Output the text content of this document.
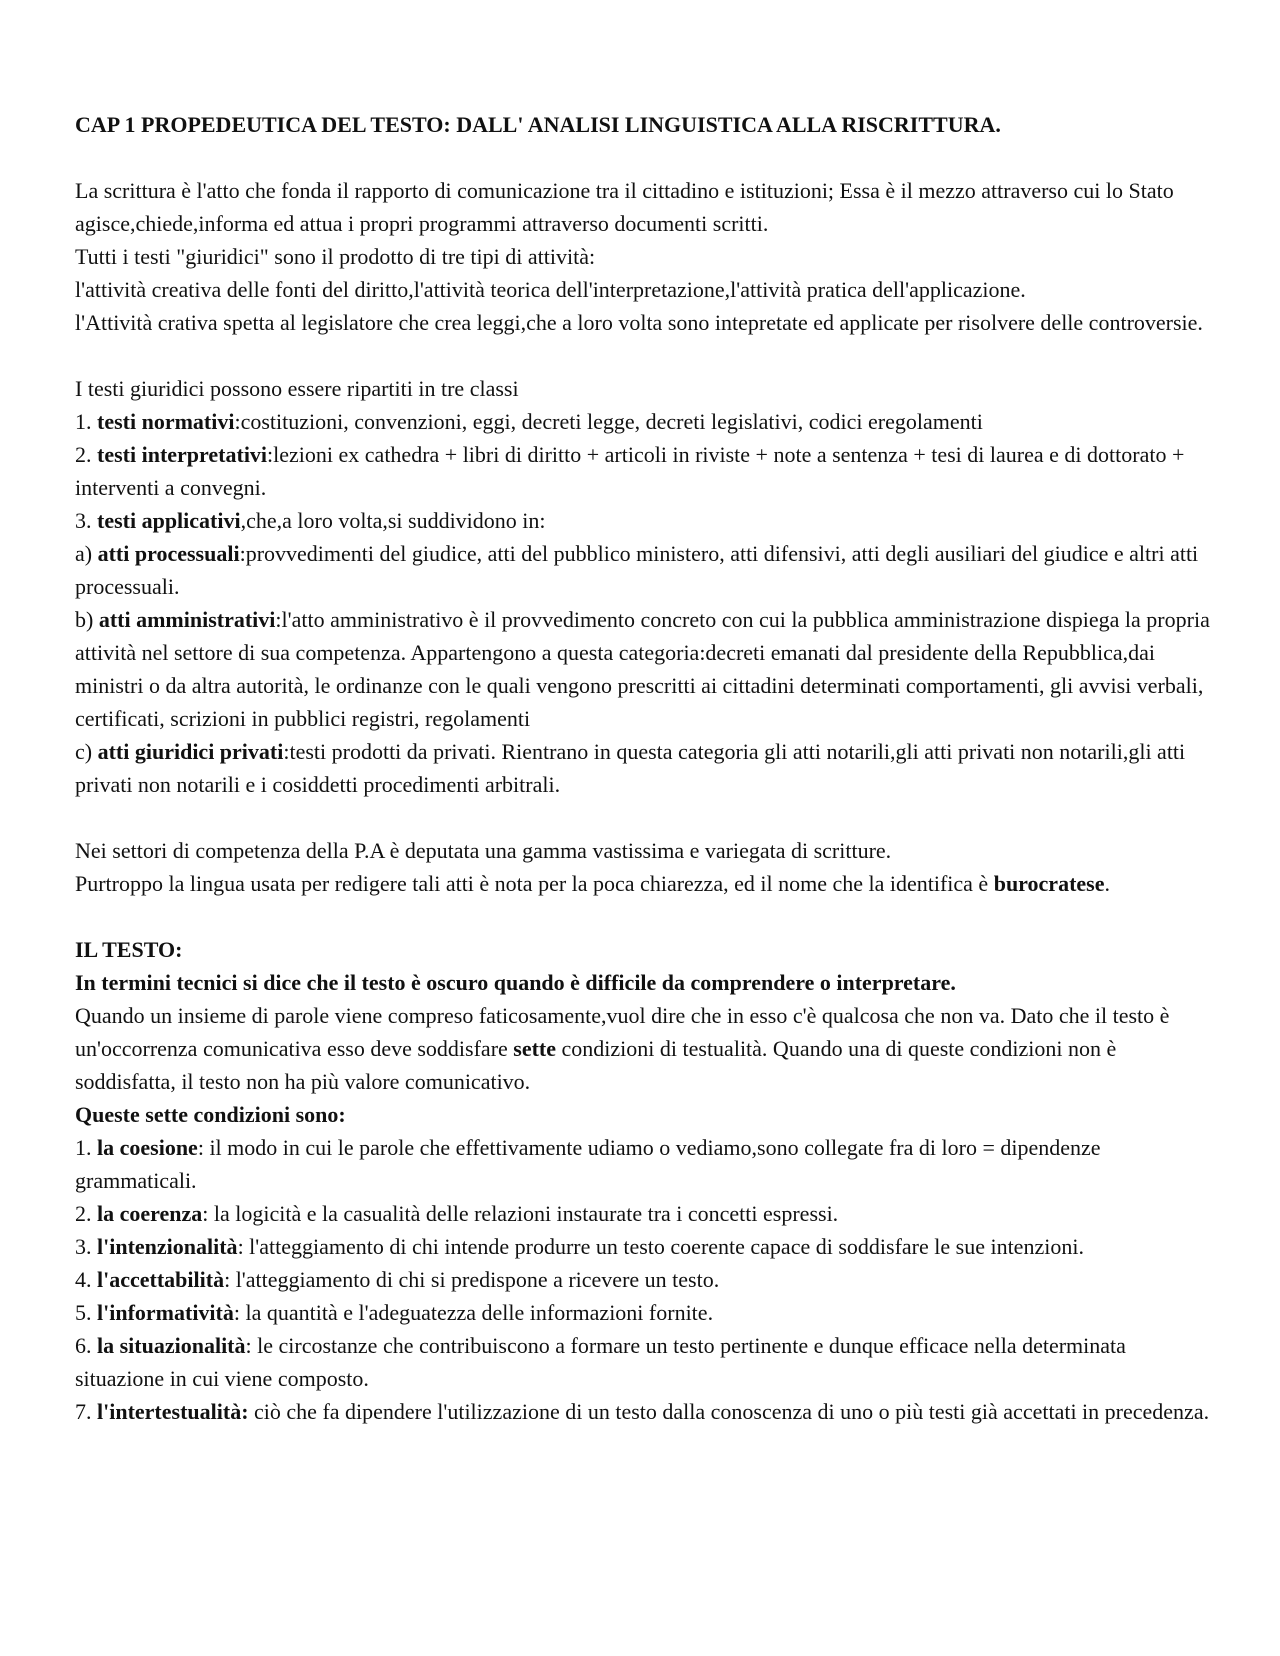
CAP 1 PROPEDEUTICA DEL TESTO: DALL' ANALISI LINGUISTICA ALLA RISCRITTURA.

La scrittura è l'atto che fonda il rapporto di comunicazione tra il cittadino e istituzioni; Essa è il mezzo attraverso cui lo Stato agisce,chiede,informa ed attua i propri programmi attraverso documenti scritti.

Tutti i testi "giuridici" sono il prodotto di tre tipi di attività:

l'attività creativa delle fonti del diritto,l'attività teorica dell'interpretazione,l'attività pratica dell'applicazione.

l'Attività crativa spetta al legislatore che crea leggi,che a loro volta sono intepretate ed applicate per risolvere delle controversie.

I testi giuridici possono essere ripartiti in tre classi

1. testi normativi:costituzioni, convenzioni, eggi, decreti legge, decreti legislativi, codici eregolamenti

2. testi interpretativi:lezioni ex cathedra + libri di diritto + articoli in riviste + note a sentenza + tesi di laurea e di dottorato + interventi a convegni.

3. testi applicativi,che,a loro volta,si suddividono in:

a) atti processuali:provvedimenti del giudice, atti del pubblico ministero, atti difensivi, atti degli ausiliari del giudice e altri atti processuali.

b) atti amministrativi:l'atto amministrativo è il provvedimento concreto con cui la pubblica amministrazione dispiega la propria attività nel settore di sua competenza. Appartengono a questa categoria:decreti emanati dal presidente della Repubblica,dai ministri o da altra autorità, le ordinanze con le quali vengono prescritti ai cittadini determinati comportamenti, gli avvisi verbali, certificati, scrizioni in pubblici registri, regolamenti

c) atti giuridici privati:testi prodotti da privati. Rientrano in questa categoria gli atti notarili,gli atti privati non notarili,gli atti privati non notarili e i cosiddetti procedimenti arbitrali.

Nei settori di competenza della P.A è deputata una gamma vastissima e variegata di scritture.

Purtroppo la lingua usata per redigere tali atti è nota per la poca chiarezza, ed il nome che la identifica è burocratese.

IL TESTO:

In termini tecnici si dice che il testo è oscuro quando è difficile da comprendere o interpretare.

Quando un insieme di parole viene compreso faticosamente,vuol dire che in esso c'è qualcosa che non va. Dato che il testo è un'occorrenza comunicativa esso deve soddisfare sette condizioni di testualità. Quando una di queste condizioni non è soddisfatta, il testo non ha più valore comunicativo.

Queste sette condizioni sono:

1. la coesione: il modo in cui le parole che effettivamente udiamo o vediamo,sono collegate fra di loro = dipendenze grammaticali.

2. la coerenza: la logicità e la casualità delle relazioni instaurate tra i concetti espressi.

3. l'intenzionalità: l'atteggiamento di chi intende produrre un testo coerente capace di soddisfare le sue intenzioni.

4. l'accettabilità: l'atteggiamento di chi si predispone a ricevere un testo.

5. l'informatività: la quantità e l'adeguatezza delle informazioni fornite.

6. la situazionalità: le circostanze che contribuiscono a formare un testo pertinente e dunque efficace nella determinata situazione in cui viene composto.

7. l'intertestualità: ciò che fa dipendere l'utilizzazione di un testo dalla conoscenza di uno o più testi già accettati in precedenza.
